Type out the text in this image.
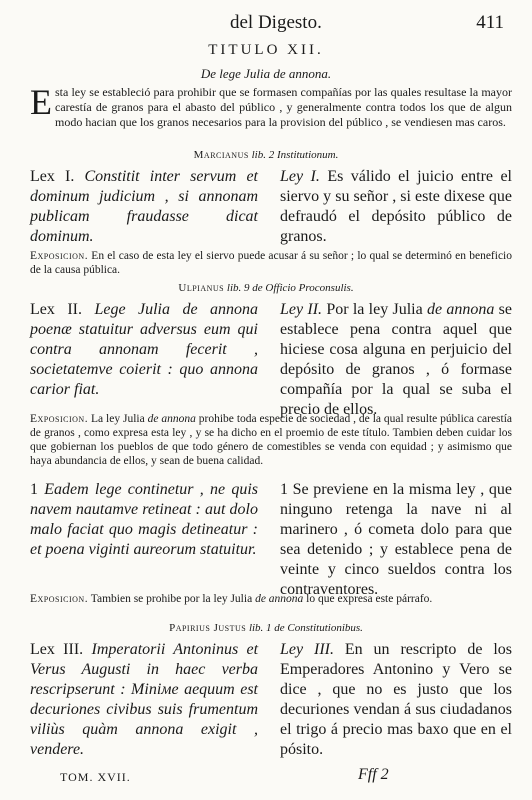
del Digesto.	411
TITULO XII.
De lege Julia de annona.
Esta ley se estableció para prohibir que se formasen compañías por las quales resultase la mayor carestía de granos para el abasto del público , y generalmente contra todos los que de algun modo hacian que los granos necesarios para la provision del público , se vendiesen mas caros.
Marcianus lib. 2 Institutionum.
Lex I. Constitit inter servum et dominum judicium , si annonam publicam fraudasse dicat dominum.
Ley I. Es válido el juicio entre el siervo y su señor , si este dixese que defraudó el depósito público de granos.
Exposicion. En el caso de esta ley el siervo puede acusar á su señor ; lo qual se determinó en beneficio de la causa pública.
Ulpianus lib. 9 de Officio Proconsulis.
Lex II. Lege Julia de annona poenæ statuitur adversus eum qui contra annonam fecerit , societatemve coierit : quo annona carior fiat.
Ley II. Por la ley Julia de annona se establece pena contra aquel que hiciese cosa alguna en perjuicio del depósito de granos , ó formase compañía por la qual se suba el precio de ellos.
Exposicion. La ley Julia de annona prohibe toda especie de sociedad , de la qual resulte pública carestía de granos , como expresa esta ley , y se ha dicho en el proemio de este título. Tambien deben cuidar los que gobiernan los pueblos de que todo género de comestibles se venda con equidad ; y asimismo que haya abundancia de ellos, y sean de buena calidad.
1 Eadem lege continetur , ne quis navem nautamve retineat : aut dolo malo faciat quo magis detineatur : et poena viginti aureorum statuitur.
1 Se previene en la misma ley , que ninguno retenga la nave ni al marinero , ó cometa dolo para que sea detenido ; y establece pena de veinte y cinco sueldos contra los contraventores.
Exposicion. Tambien se prohibe por la ley Julia de annona lo que expresa este párrafo.
Papirius Justus lib. 1 de Constitutionibus.
Lex III. Imperatorii Antoninus et Verus Augusti in haec verba rescripserunt : Miniме aequum est decuriones civibus suis frumentum viliùs quàm annona exigit , vendere.
Ley III. En un rescripto de los Emperadores Antonino y Vero se dice , que no es justo que los decuriones vendan á sus ciudadanos el trigo á precio mas baxo que en el pósito.
TOM. XVII.	Fff 2
